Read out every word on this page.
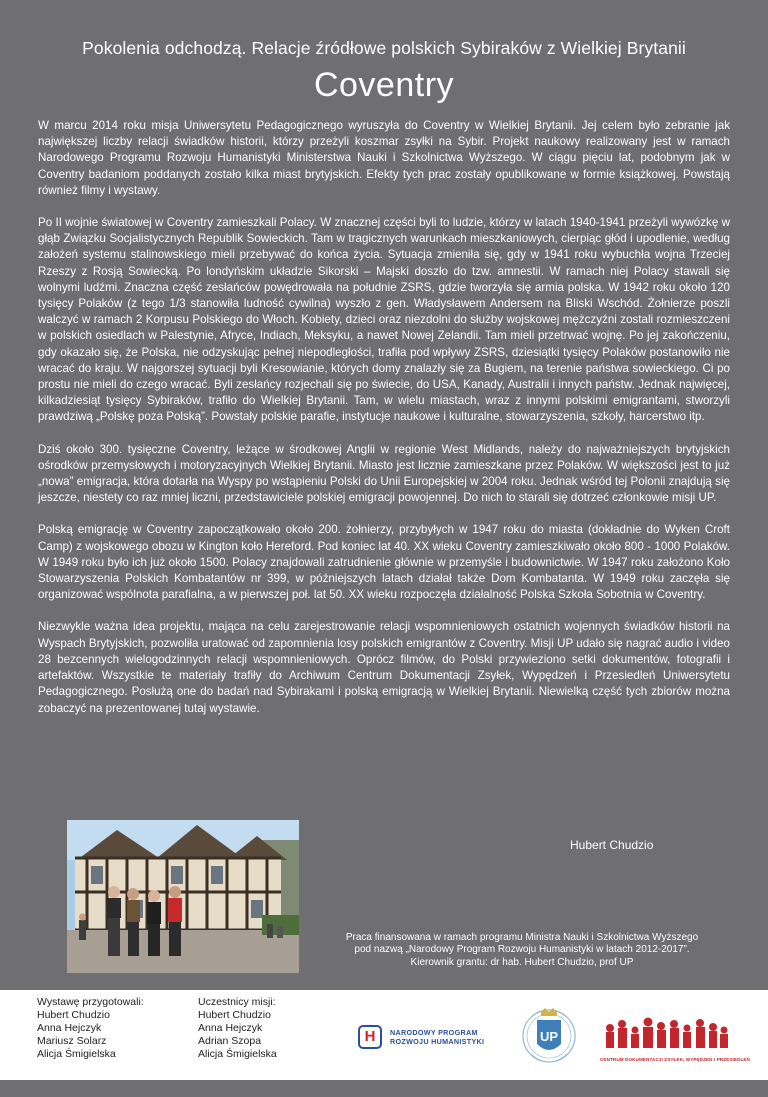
Pokolenia odchodzą. Relacje źródłowe polskich Sybiraków z Wielkiej Brytanii
Coventry

W marcu 2014 roku misja Uniwersytetu Pedagogicznego wyruszyła do Coventry w Wielkiej Brytanii. Jej celem było zebranie jak największej liczby relacji świadków historii, którzy przeżyli koszmar zsyłki na Sybir. Projekt naukowy realizowany jest w ramach Narodowego Programu Rozwoju Humanistyki Ministerstwa Nauki i Szkolnictwa Wyższego. W ciągu pięciu lat, podobnym jak w Coventry badaniom poddanych zostało kilka miast brytyjskich. Efekty tych prac zostały opublikowane w formie książkowej. Powstają również filmy i wystawy.

Po II wojnie światowej w Coventry zamieszkali Polacy. W znacznej części byli to ludzie, którzy w latach 1940-1941 przeżyli wywózkę w głąb Związku Socjalistycznych Republik Sowieckich. Tam w tragicznych warunkach mieszkaniowych, cierpiąc głód i upodlenie, według założeń systemu stalinowskiego mieli przebywać do końca życia. Sytuacja zmieniła się, gdy w 1941 roku wybuchła wojna Trzeciej Rzeszy z Rosją Sowiecką. Po londyńskim układzie Sikorski – Majski doszło do tzw. amnestii. W ramach niej Polacy stawali się wolnymi ludźmi. Znaczna część zesłańców powędrowała na południe ZSRS, gdzie tworzyła się armia polska. W 1942 roku około 120 tysięcy Polaków (z tego 1/3 stanowiła ludność cywilna) wyszło z gen. Władysławem Andersem na Bliski Wschód. Żołnierze poszli walczyć w ramach 2 Korpusu Polskiego do Włoch. Kobiety, dzieci oraz niezdolni do służby wojskowej mężczyźni zostali rozmieszczeni w polskich osiedlach w Palestynie, Afryce, Indiach, Meksyku, a nawet Nowej Zelandii. Tam mieli przetrwać wojnę. Po jej zakończeniu, gdy okazało się, że Polska, nie odzyskując pełnej niepodległości, trafiła pod wpływy ZSRS, dziesiątki tysięcy Polaków postanowiło nie wracać do kraju. W najgorszej sytuacji byli Kresowianie, których domy znalazły się za Bugiem, na terenie państwa sowieckiego. Ci po prostu nie mieli do czego wracać. Byli zesłańcy rozjechali się po świecie, do USA, Kanady, Australii i innych państw. Jednak najwięcej, kilkadziesiąt tysięcy Sybiraków, trafiło do Wielkiej Brytanii. Tam, w wielu miastach, wraz z innymi polskimi emigrantami, stworzyli prawdziwą „Polskę poza Polską”. Powstały polskie parafie, instytucje naukowe i kulturalne, stowarzyszenia, szkoły, harcerstwo itp.

Dziś około 300. tysięczne Coventry, leżące w środkowej Anglii w regionie West Midlands, należy do najważniejszych brytyjskich ośrodków przemysłowych i motoryzacyjnych Wielkiej Brytanii. Miasto jest licznie zamieszkane przez Polaków. W większości jest to już „nowa” emigracja, która dotarła na Wyspy po wstąpieniu Polski do Unii Europejskiej w 2004 roku. Jednak wśród tej Polonii znajdują się jeszcze, niestety co raz mniej liczni, przedstawiciele polskiej emigracji powojennej. Do nich to starali się dotrzeć członkowie misji UP.

Polską emigrację w Coventry zapoczątkowało około 200. żołnierzy, przybyłych w 1947 roku do miasta (dokładnie do Wyken Croft Camp) z wojskowego obozu w Kington koło Hereford. Pod koniec lat 40. XX wieku Coventry zamieszkiwało około 800 - 1000 Polaków. W 1949 roku było ich już około 1500. Polacy znajdowali zatrudnienie głównie w przemyśle i budownictwie. W 1947 roku założono Koło Stowarzyszenia Polskich Kombatantów nr 399, w późniejszych latach działał także Dom Kombatanta. W 1949 roku zaczęła się organizować wspólnota parafialna, a w pierwszej poł. lat 50. XX wieku rozpoczęła działalność Polska Szkoła Sobotnia w Coventry.

Niezwykle ważna idea projektu, mająca na celu zarejestrowanie relacji wspomnieniowych ostatnich wojennych świadków historii na Wyspach Brytyjskich, pozwoliła uratować od zapomnienia losy polskich emigrantów z Coventry. Misji UP udało się nagrać audio i video 28 bezcennych wielogodzinnych relacji wspomnieniowych. Oprócz filmów, do Polski przywieziono setki dokumentów, fotografii i artefaktów. Wszystkie te materiały trafiły do Archiwum Centrum Dokumentacji Zsyłek, Wypędzeń i Przesiedleń Uniwersytetu Pedagogicznego. Posłużą one do badań nad Sybirakami i polską emigracją w Wielkiej Brytanii. Niewielką część tych zbiorów można zobaczyć na prezentowanej tutaj wystawie.

Hubert Chudzio
Praca finansowana w ramach programu Ministra Nauki i Szkolnictwa Wyższego
pod nazwą „Narodowy Program Rozwoju Humanistyki w latach 2012-2017”.
Kierownik grantu: dr hab. Hubert Chudzio, prof UP
Wystawę przygotowali:
Hubert Chudzio
Anna Hejczyk
Mariusz Solarz
Alicja Śmigielska
Uczestnicy misji:
Hubert Chudzio
Anna Hejczyk
Adrian Szopa
Alicja Śmigielska
H
NARODOWY PROGRAM
ROZWOJU HUMANISTYKI	UP
CENTRUM DOKUMENTACJI ZSYŁEK, WYPĘDZEŃ I PRZESIEDLEŃ
